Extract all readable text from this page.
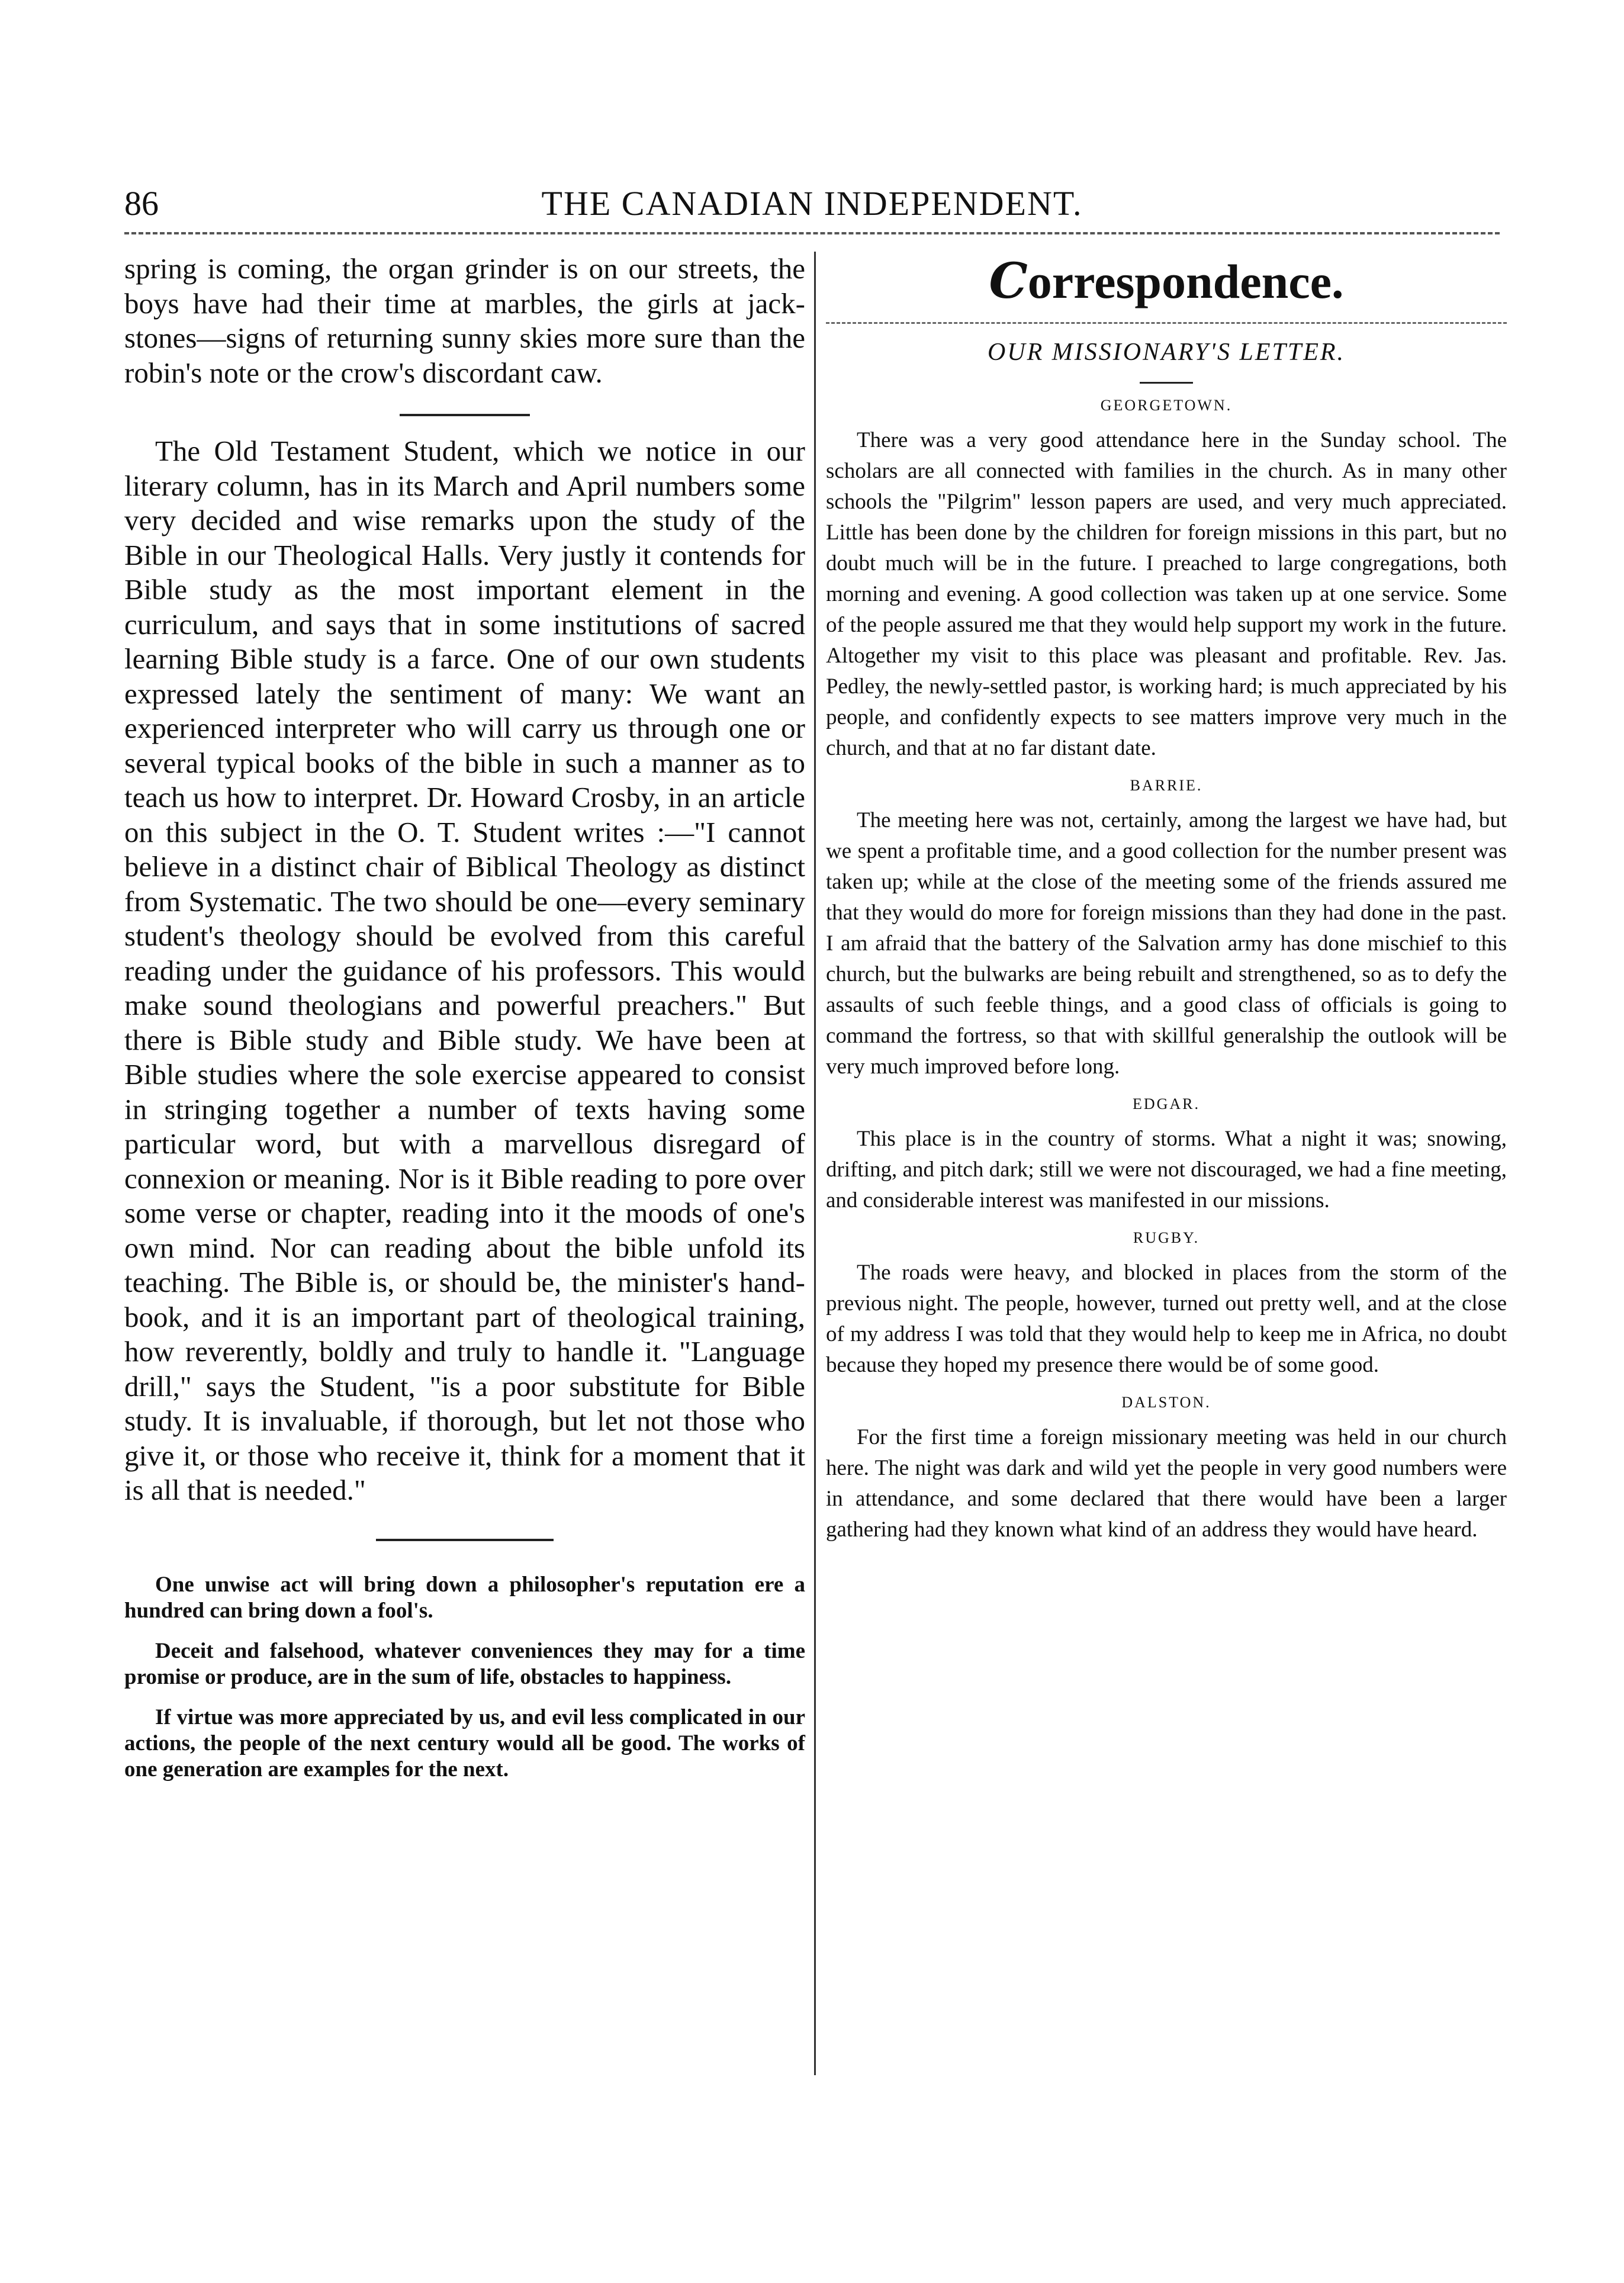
86	THE CANADIAN INDEPENDENT.

spring is coming, the organ grinder is on our streets, the boys have had their time at marbles, the girls at jack-stones—signs of returning sunny skies more sure than the robin's note or the crow's discordant caw.

The Old Testament Student, which we notice in our literary column, has in its March and April numbers some very decided and wise remarks upon the study of the Bible in our Theological Halls. Very justly it contends for Bible study as the most important element in the curriculum, and says that in some institutions of sacred learning Bible study is a farce. One of our own students expressed lately the sentiment of many: We want an experienced interpreter who will carry us through one or several typical books of the bible in such a manner as to teach us how to interpret. Dr. Howard Crosby, in an article on this subject in the O. T. Student writes :—"I cannot believe in a distinct chair of Biblical Theology as distinct from Systematic. The two should be one—every seminary student's theology should be evolved from this careful reading under the guidance of his professors. This would make sound theologians and powerful preachers." But there is Bible study and Bible study. We have been at Bible studies where the sole exercise appeared to consist in stringing together a number of texts having some particular word, but with a marvellous disregard of connexion or meaning. Nor is it Bible reading to pore over some verse or chapter, reading into it the moods of one's own mind. Nor can reading about the bible unfold its teaching. The Bible is, or should be, the minister's hand-book, and it is an important part of theological training, how reverently, boldly and truly to handle it. "Language drill," says the Student, "is a poor substitute for Bible study. It is invaluable, if thorough, but let not those who give it, or those who receive it, think for a moment that it is all that is needed."

One unwise act will bring down a philosopher's reputation ere a hundred can bring down a fool's.

Deceit and falsehood, whatever conveniences they may for a time promise or produce, are in the sum of life, obstacles to happiness.

If virtue was more appreciated by us, and evil less complicated in our actions, the people of the next century would all be good. The works of one generation are examples for the next.

Correspondence.

OUR MISSIONARY'S LETTER.

GEORGETOWN.

There was a very good attendance here in the Sunday school. The scholars are all connected with families in the church. As in many other schools the "Pilgrim" lesson papers are used, and very much appreciated. Little has been done by the children for foreign missions in this part, but no doubt much will be in the future. I preached to large congregations, both morning and evening. A good collection was taken up at one service. Some of the people assured me that they would help support my work in the future. Altogether my visit to this place was pleasant and profitable. Rev. Jas. Pedley, the newly-settled pastor, is working hard; is much appreciated by his people, and confidently expects to see matters improve very much in the church, and that at no far distant date.

BARRIE.

The meeting here was not, certainly, among the largest we have had, but we spent a profitable time, and a good collection for the number present was taken up; while at the close of the meeting some of the friends assured me that they would do more for foreign missions than they had done in the past. I am afraid that the battery of the Salvation army has done mischief to this church, but the bulwarks are being rebuilt and strengthened, so as to defy the assaults of such feeble things, and a good class of officials is going to command the fortress, so that with skillful generalship the outlook will be very much improved before long.

EDGAR.

This place is in the country of storms. What a night it was; snowing, drifting, and pitch dark; still we were not discouraged, we had a fine meeting, and considerable interest was manifested in our missions.

RUGBY.

The roads were heavy, and blocked in places from the storm of the previous night. The people, however, turned out pretty well, and at the close of my address I was told that they would help to keep me in Africa, no doubt because they hoped my presence there would be of some good.

DALSTON.

For the first time a foreign missionary meeting was held in our church here. The night was dark and wild yet the people in very good numbers were in attendance, and some declared that there would have been a larger gathering had they known what kind of an address they would have heard.
